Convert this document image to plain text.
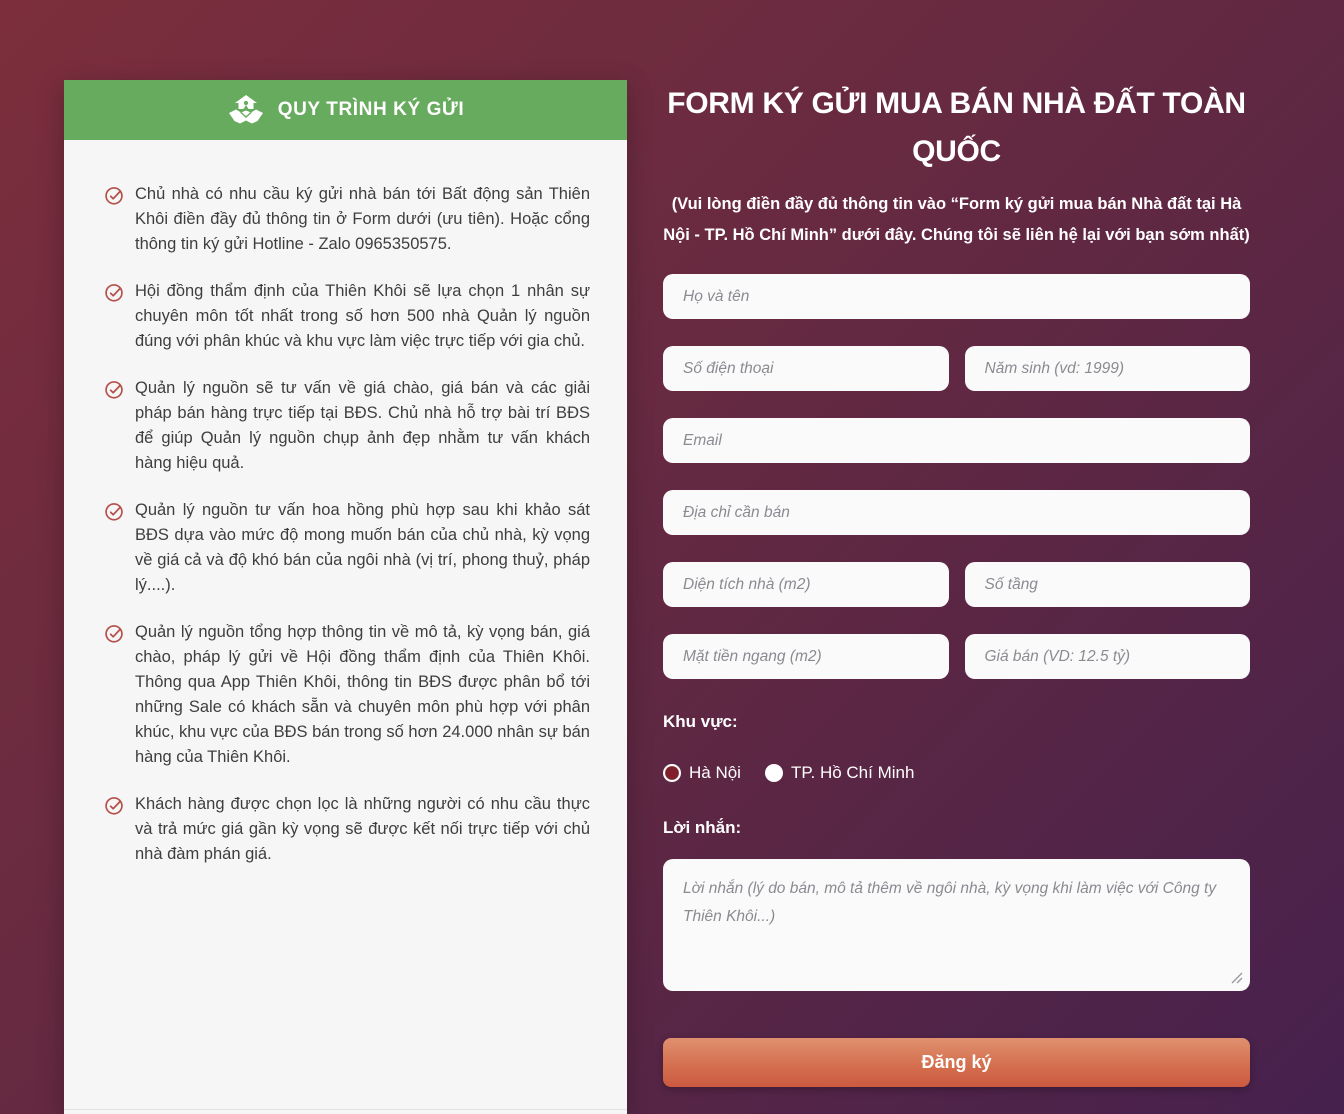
QUY TRÌNH KÝ GỬI

Chủ nhà có nhu cầu ký gửi nhà bán tới Bất động sản Thiên Khôi điền đầy đủ thông tin ở Form dưới (ưu tiên). Hoặc cổng thông tin ký gửi Hotline - Zalo 0965350575.

Hội đồng thẩm định của Thiên Khôi sẽ lựa chọn 1 nhân sự chuyên môn tốt nhất trong số hơn 500 nhà Quản lý nguồn đúng với phân khúc và khu vực làm việc trực tiếp với gia chủ.

Quản lý nguồn sẽ tư vấn về giá chào, giá bán và các giải pháp bán hàng trực tiếp tại BĐS. Chủ nhà hỗ trợ bài trí BĐS để giúp Quản lý nguồn chụp ảnh đẹp nhằm tư vấn khách hàng hiệu quả.

Quản lý nguồn tư vấn hoa hồng phù hợp sau khi khảo sát BĐS dựa vào mức độ mong muốn bán của chủ nhà, kỳ vọng về giá cả và độ khó bán của ngôi nhà (vị trí, phong thuỷ, pháp lý....).

Quản lý nguồn tổng hợp thông tin về mô tả, kỳ vọng bán, giá chào, pháp lý gửi về Hội đồng thẩm định của Thiên Khôi. Thông qua App Thiên Khôi, thông tin BĐS được phân bổ tới những Sale có khách sẵn và chuyên môn phù hợp với phân khúc, khu vực của BĐS bán trong số hơn 24.000 nhân sự bán hàng của Thiên Khôi.

Khách hàng được chọn lọc là những người có nhu cầu thực và trả mức giá gần kỳ vọng sẽ được kết nối trực tiếp với chủ nhà đàm phán giá.

FORM KÝ GỬI MUA BÁN NHÀ ĐẤT TOÀN QUỐC

(Vui lòng điền đầy đủ thông tin vào “Form ký gửi mua bán Nhà đất tại Hà Nội - TP. Hồ Chí Minh” dưới đây. Chúng tôi sẽ liên hệ lại với bạn sớm nhất)

Họ và tên
Số điện thoại
Năm sinh (vd: 1999)
Email
Địa chỉ cần bán
Diện tích nhà (m2)
Số tầng
Mặt tiền ngang (m2)
Giá bán (VD: 12.5 tỷ)
Khu vực:
Hà Nội	TP. Hồ Chí Minh
Lời nhắn:
Lời nhắn (lý do bán, mô tả thêm về ngôi nhà, kỳ vọng khi làm việc với Công ty Thiên Khôi...)
Đăng ký
